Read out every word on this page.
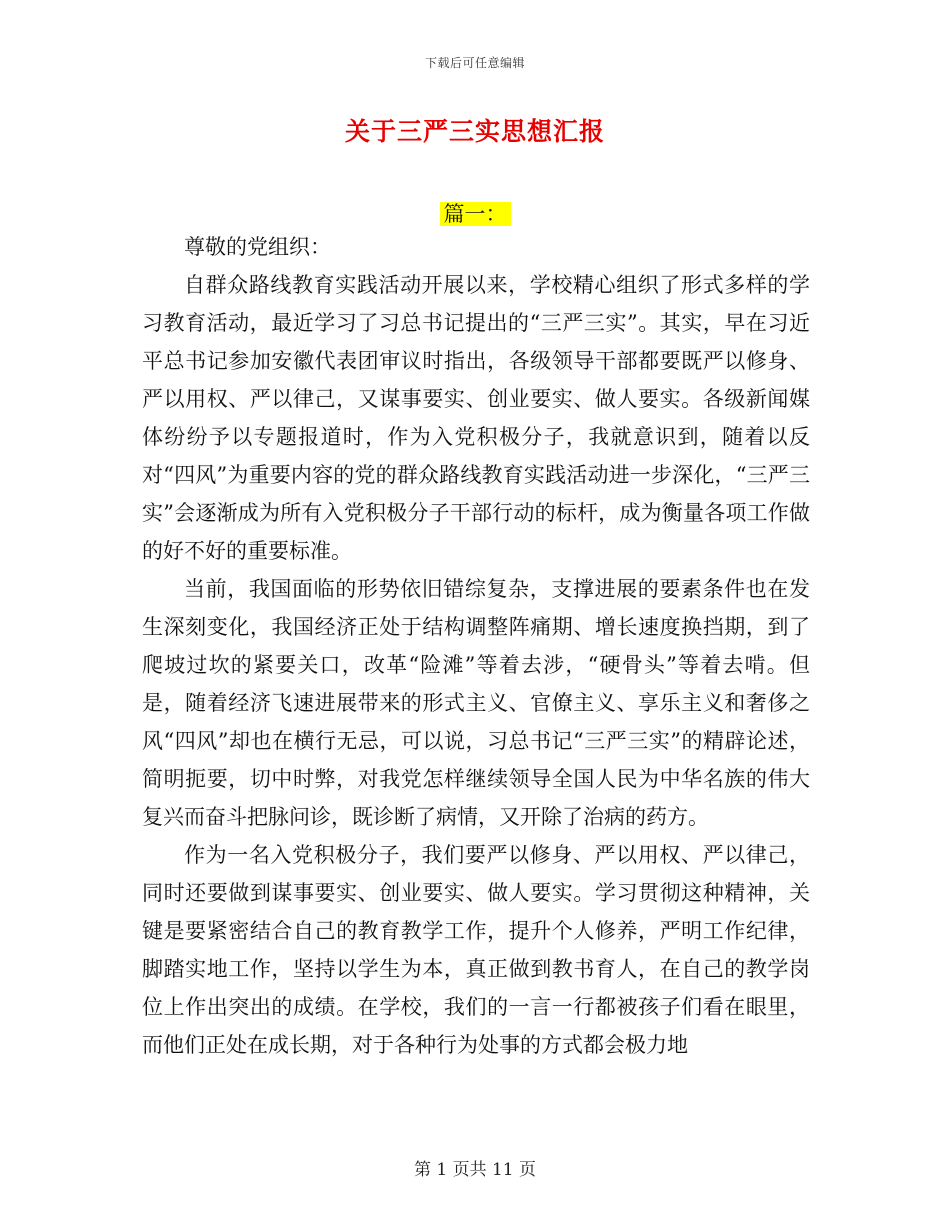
下载后可任意编辑
关于三严三实思想汇报
篇一：

尊敬的党组织：

自群众路线教育实践活动开展以来，学校精心组织了形式多样的学习教育活动，最近学习了习总书记提出的“三严三实”。其实，早在习近平总书记参加安徽代表团审议时指出，各级领导干部都要既严以修身、严以用权、严以律己，又谋事要实、创业要实、做人要实。各级新闻媒体纷纷予以专题报道时，作为入党积极分子，我就意识到，随着以反对“四风”为重要内容的党的群众路线教育实践活动进一步深化，“三严三实”会逐渐成为所有入党积极分子干部行动的标杆，成为衡量各项工作做的好不好的重要标准。

当前，我国面临的形势依旧错综复杂，支撑进展的要素条件也在发生深刻变化，我国经济正处于结构调整阵痛期、增长速度换挡期，到了爬坡过坎的紧要关口，改革“险滩”等着去涉，“硬骨头”等着去啃。但是，随着经济飞速进展带来的形式主义、官僚主义、享乐主义和奢侈之风“四风”却也在横行无忌，可以说，习总书记“三严三实”的精辟论述，简明扼要，切中时弊，对我党怎样继续领导全国人民为中华名族的伟大复兴而奋斗把脉问诊，既诊断了病情，又开除了治病的药方。

作为一名入党积极分子，我们要严以修身、严以用权、严以律己，同时还要做到谋事要实、创业要实、做人要实。学习贯彻这种精神，关键是要紧密结合自己的教育教学工作，提升个人修养，严明工作纪律，脚踏实地工作，坚持以学生为本，真正做到教书育人，在自己的教学岗位上作出突出的成绩。在学校，我们的一言一行都被孩子们看在眼里，而他们正处在成长期，对于各种行为处事的方式都会极力地

第 1 页共 11 页
